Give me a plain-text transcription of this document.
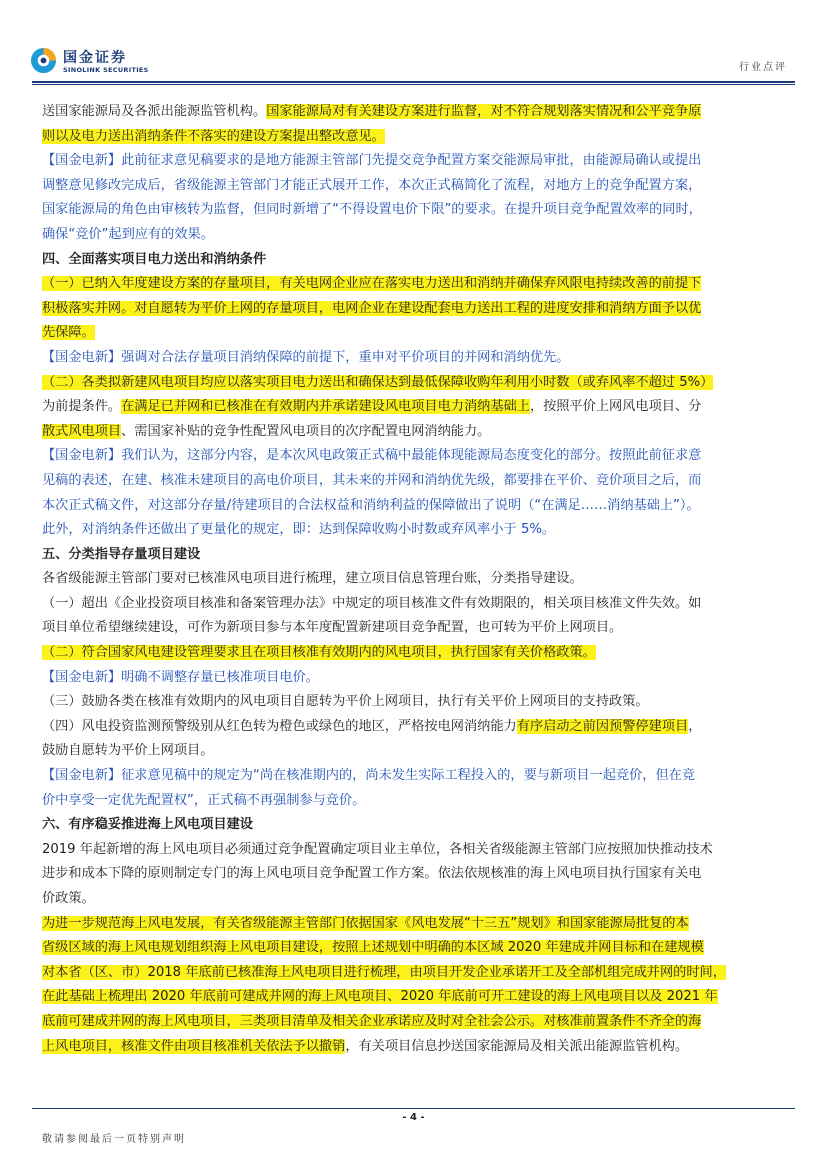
国金证券
SINOLINK SECURITIES	行业点评
送国家能源局及各派出能源监管机构。国家能源局对有关建设方案进行监督，对不符合规划落实情况和公平竞争原
则以及电力送出消纳条件不落实的建设方案提出整改意见。
【国金电新】此前征求意见稿要求的是地方能源主管部门先提交竞争配置方案交能源局审批，由能源局确认或提出
调整意见修改完成后，省级能源主管部门才能正式展开工作，本次正式稿简化了流程，对地方上的竞争配置方案，
国家能源局的角色由审核转为监督，但同时新增了“不得设置电价下限”的要求。在提升项目竞争配置效率的同时，
确保“竞价”起到应有的效果。
四、全面落实项目电力送出和消纳条件
（一）已纳入年度建设方案的存量项目，有关电网企业应在落实电力送出和消纳并确保弃风限电持续改善的前提下
积极落实并网。对自愿转为平价上网的存量项目，电网企业在建设配套电力送出工程的进度安排和消纳方面予以优
先保障。
【国金电新】强调对合法存量项目消纳保障的前提下，重申对平价项目的并网和消纳优先。
（二）各类拟新建风电项目均应以落实项目电力送出和确保达到最低保障收购年利用小时数（或弃风率不超过 5%）
为前提条件。在满足已并网和已核准在有效期内并承诺建设风电项目电力消纳基础上，按照平价上网风电项目、分
散式风电项目、需国家补贴的竞争性配置风电项目的次序配置电网消纳能力。
【国金电新】我们认为，这部分内容，是本次风电政策正式稿中最能体现能源局态度变化的部分。按照此前征求意
见稿的表述，在建、核准未建项目的高电价项目，其未来的并网和消纳优先级，都要排在平价、竞价项目之后，而
本次正式稿文件，对这部分存量/待建项目的合法权益和消纳利益的保障做出了说明（“在满足……消纳基础上”）。
此外，对消纳条件还做出了更量化的规定，即：达到保障收购小时数或弃风率小于 5%。
五、分类指导存量项目建设
各省级能源主管部门要对已核准风电项目进行梳理，建立项目信息管理台账，分类指导建设。
（一）超出《企业投资项目核准和备案管理办法》中规定的项目核准文件有效期限的，相关项目核准文件失效。如
项目单位希望继续建设，可作为新项目参与本年度配置新建项目竞争配置，也可转为平价上网项目。
（二）符合国家风电建设管理要求且在项目核准有效期内的风电项目，执行国家有关价格政策。
【国金电新】明确不调整存量已核准项目电价。
（三）鼓励各类在核准有效期内的风电项目自愿转为平价上网项目，执行有关平价上网项目的支持政策。
（四）风电投资监测预警级别从红色转为橙色或绿色的地区，严格按电网消纳能力有序启动之前因预警停建项目，
鼓励自愿转为平价上网项目。
【国金电新】征求意见稿中的规定为“尚在核准期内的，尚未发生实际工程投入的，要与新项目一起竞价，但在竞
价中享受一定优先配置权”，正式稿不再强制参与竞价。
六、有序稳妥推进海上风电项目建设
2019 年起新增的海上风电项目必须通过竞争配置确定项目业主单位，各相关省级能源主管部门应按照加快推动技术
进步和成本下降的原则制定专门的海上风电项目竞争配置工作方案。依法依规核准的海上风电项目执行国家有关电
价政策。
为进一步规范海上风电发展，有关省级能源主管部门依据国家《风电发展“十三五”规划》和国家能源局批复的本
省级区域的海上风电规划组织海上风电项目建设，按照上述规划中明确的本区域 2020 年建成并网目标和在建规模
对本省（区、市）2018 年底前已核准海上风电项目进行梳理，由项目开发企业承诺开工及全部机组完成并网的时间，
在此基础上梳理出 2020 年底前可建成并网的海上风电项目、2020 年底前可开工建设的海上风电项目以及 2021 年
底前可建成并网的海上风电项目，三类项目清单及相关企业承诺应及时对全社会公示。对核准前置条件不齐全的海
上风电项目，核准文件由项目核准机关依法予以撤销，有关项目信息抄送国家能源局及相关派出能源监管机构。
- 4 -
敬请参阅最后一页特别声明
